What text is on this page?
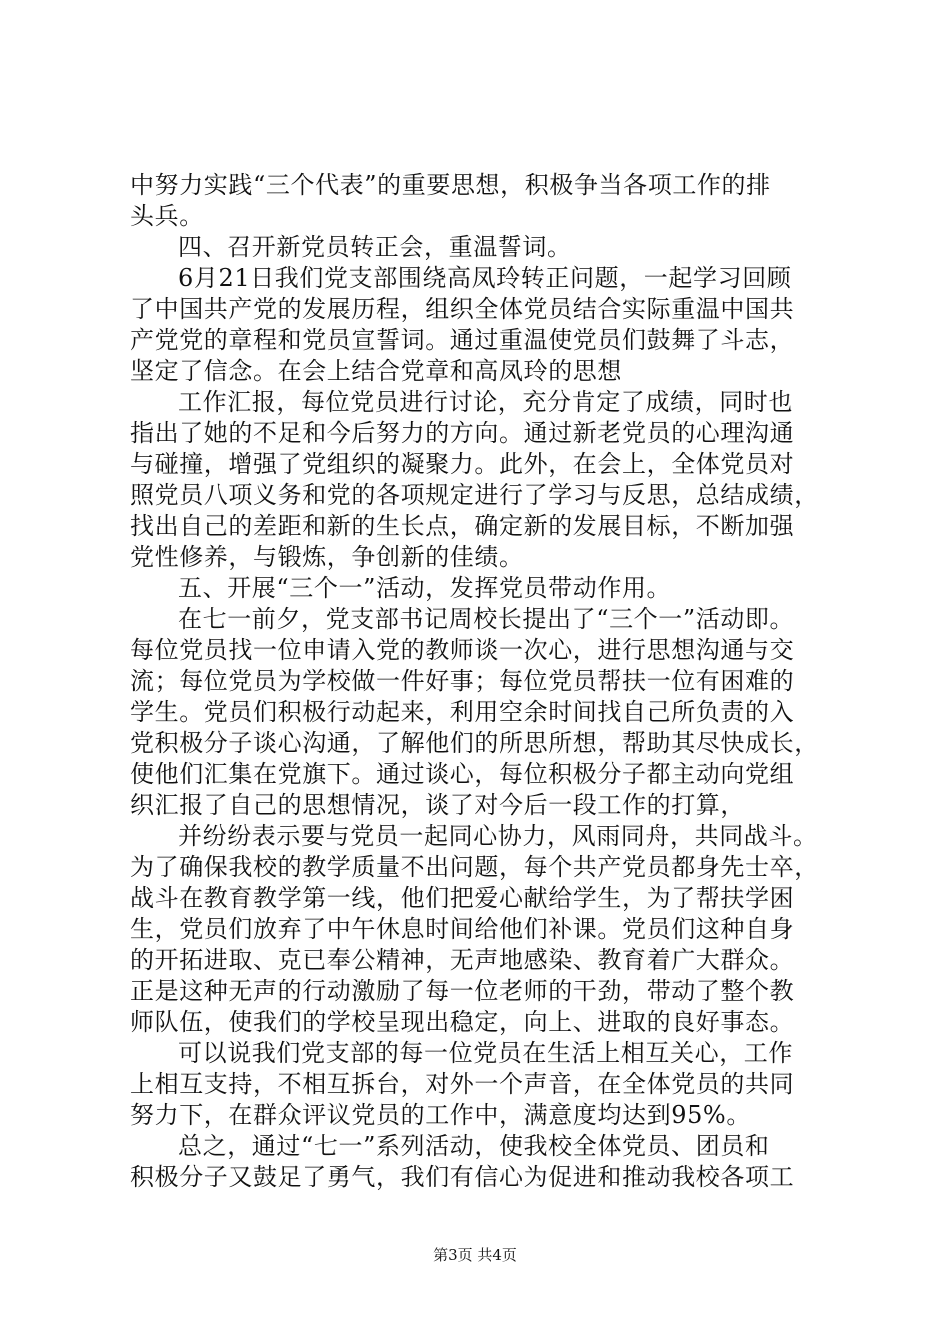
中努力实践“三个代表”的重要思想，积极争当各项工作的排
头兵。
四、召开新党员转正会，重温誓词。
6月21日我们党支部围绕高凤玲转正问题，一起学习回顾
了中国共产党的发展历程，组织全体党员结合实际重温中国共
产党党的章程和党员宣誓词。通过重温使党员们鼓舞了斗志，
坚定了信念。在会上结合党章和高凤玲的思想
工作汇报，每位党员进行讨论，充分肯定了成绩，同时也
指出了她的不足和今后努力的方向。通过新老党员的心理沟通
与碰撞，增强了党组织的凝聚力。此外，在会上，全体党员对
照党员八项义务和党的各项规定进行了学习与反思，总结成绩，
找出自己的差距和新的生长点，确定新的发展目标，不断加强
党性修养，与锻炼，争创新的佳绩。
五、开展“三个一”活动，发挥党员带动作用。
在七一前夕，党支部书记周校长提出了“三个一”活动即。
每位党员找一位申请入党的教师谈一次心，进行思想沟通与交
流；每位党员为学校做一件好事；每位党员帮扶一位有困难的
学生。党员们积极行动起来，利用空余时间找自己所负责的入
党积极分子谈心沟通，了解他们的所思所想，帮助其尽快成长，
使他们汇集在党旗下。通过谈心，每位积极分子都主动向党组
织汇报了自己的思想情况，谈了对今后一段工作的打算，
并纷纷表示要与党员一起同心协力，风雨同舟，共同战斗。
为了确保我校的教学质量不出问题，每个共产党员都身先士卒，
战斗在教育教学第一线，他们把爱心献给学生，为了帮扶学困
生，党员们放弃了中午休息时间给他们补课。党员们这种自身
的开拓进取、克已奉公精神，无声地感染、教育着广大群众。
正是这种无声的行动激励了每一位老师的干劲，带动了整个教
师队伍，使我们的学校呈现出稳定，向上、进取的良好事态。
可以说我们党支部的每一位党员在生活上相互关心，工作
上相互支持，不相互拆台，对外一个声音，在全体党员的共同
努力下，在群众评议党员的工作中，满意度均达到95%。
总之，通过“七一”系列活动，使我校全体党员、团员和
积极分子又鼓足了勇气，我们有信心为促进和推动我校各项工
第3页 共4页
